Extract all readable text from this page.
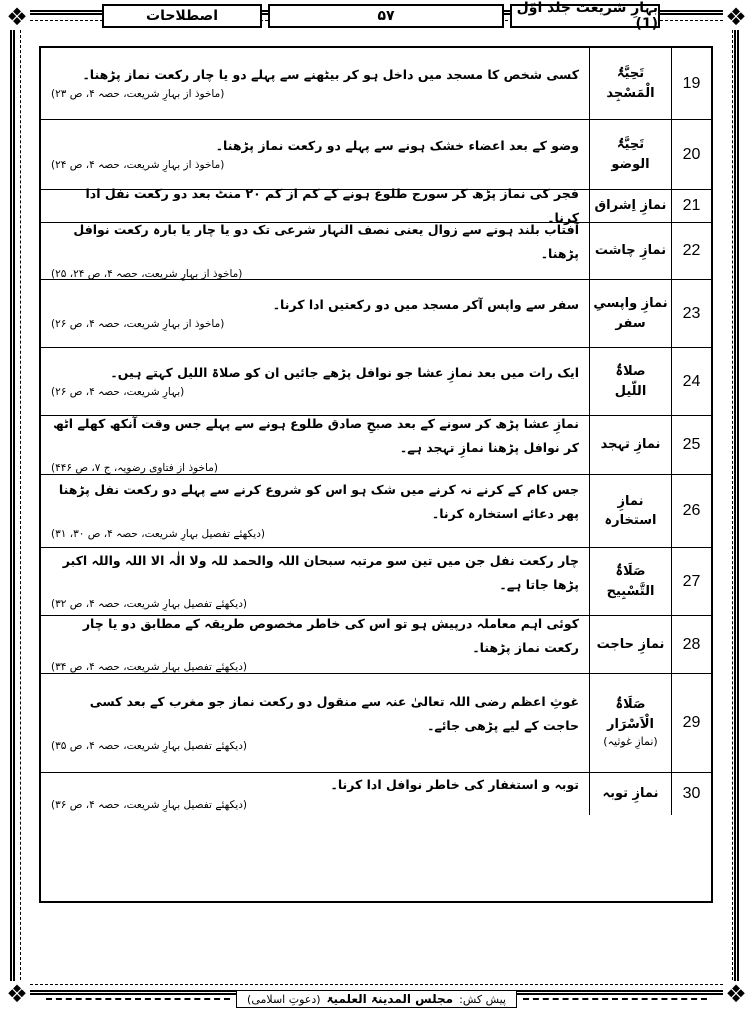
❖	❖
❖	❖
بہارِ شریعت جلد اوّل (1)
۵۷
اصطلاحات
19
تَحِیَّۃُ
الْمَسْجِد
کسی شخص کا مسجد میں داخل ہو کر بیٹھنے سے پہلے دو یا چار رکعت نماز پڑھنا۔
(ماخوذ از بہارِ شریعت، حصہ ۴، ص ۲۳)
20
تَحِیَّۃُ
الوضو
وضو کے بعد اعضاء خشک ہونے سے پہلے دو رکعت نماز پڑھنا۔
(ماخوذ از بہارِ شریعت، حصہ ۴، ص ۲۴)
21
نمازِ اِشراق
فجر کی نماز پڑھ کر سورج طلوع ہونے کے کم از کم ۲۰ منٹ بعد دو رکعت نفل ادا کرنا۔
22
نمازِ چاشت
آفتاب بلند ہونے سے زوال یعنی نصف النہار شرعی تک دو یا چار یا بارہ رکعت نوافل پڑھنا۔
(ماخوذ از بہارِ شریعت، حصہ ۴، ص ۲۴، ۲۵)
23
نمازِ واپسیِ
سفر
سفر سے واپس آکر مسجد میں دو رکعتیں ادا کرنا۔
(ماخوذ از بہارِ شریعت، حصہ ۴، ص ۲۶)
24
صلاۃُ
اللّیل
ایک رات میں بعد نمازِ عشا جو نوافل پڑھے جائیں ان کو صلاۃ اللیل کہتے ہیں۔
(بہارِ شریعت، حصہ ۴، ص ۲۶)
25
نمازِ تہجد
نمازِ عشا پڑھ کر سونے کے بعد صبحِ صادق طلوع ہونے سے پہلے جس وقت آنکھ کھلے اٹھ کر نوافل پڑھنا نمازِ تہجد ہے۔
(ماخوذ از فتاوی رضویہ، ج ۷، ص ۴۴۶)
26
نمازِ استخارہ
جس کام کے کرنے نہ کرنے میں شک ہو اس کو شروع کرنے سے پہلے دو رکعت نفل پڑھنا پھر دعائے استخارہ کرنا۔
(دیکھئے تفصیل بہارِ شریعت، حصہ ۴، ص ۳۰، ۳۱)
27
صَلَاۃُ
التَّسْبِیح
چار رکعت نفل جن میں تین سو مرتبہ سبحان اللہ والحمد للہ ولا الٰہ الا اللہ واللہ اکبر پڑھا جاتا ہے۔
(دیکھئے تفصیل بہارِ شریعت، حصہ ۴، ص ۳۲)
28
نمازِ حاجت
کوئی اہم معاملہ درپیش ہو تو اس کی خاطر مخصوص طریقہ کے مطابق دو یا چار رکعت نماز پڑھنا۔
(دیکھئے تفصیل بہارِ شریعت، حصہ ۴، ص ۳۴)
29
صَلَاۃُ
الْاَسْرَار
(نمازِ غوثیہ)
غوثِ اعظم رضی اللہ تعالیٰ عنہ سے منقول دو رکعت نماز جو مغرب کے بعد کسی حاجت کے لیے پڑھی جائے۔
(دیکھئے تفصیل بہارِ شریعت، حصہ ۴، ص ۳۵)
30
نمازِ توبہ
توبہ و استغفار کی خاطر نوافل ادا کرنا۔
(دیکھئے تفصیل بہارِ شریعت، حصہ ۴، ص ۳۶)
پیش کش:
مجلس المدینۃ العلمیۃ
(دعوتِ اسلامی)
